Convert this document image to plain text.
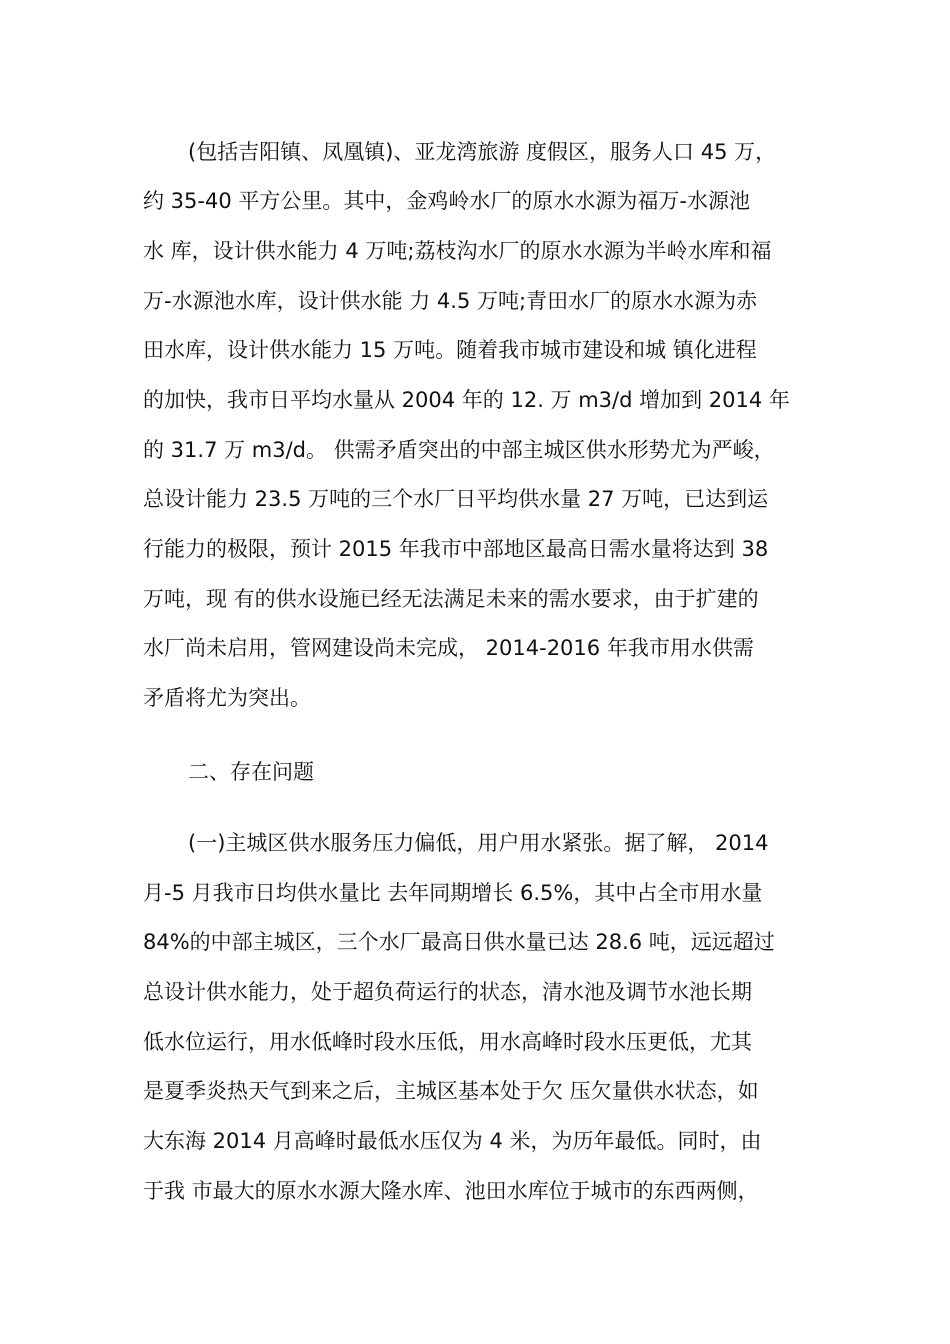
(包括吉阳镇、凤凰镇)、亚龙湾旅游 度假区，服务人口 45 万，
约 35-40 平方公里。其中，金鸡岭水厂的原水水源为福万-水源池
水 库，设计供水能力 4 万吨;荔枝沟水厂的原水水源为半岭水库和福
万-水源池水库，设计供水能 力 4.5 万吨;青田水厂的原水水源为赤
田水库，设计供水能力 15 万吨。随着我市城市建设和城 镇化进程
的加快，我市日平均水量从 2004 年的 12. 万 m3/d 增加到 2014 年
的 31.7 万 m3/d。 供需矛盾突出的中部主城区供水形势尤为严峻，
总设计能力 23.5 万吨的三个水厂日平均供水量 27 万吨，已达到运
行能力的极限，预计 2015 年我市中部地区最高日需水量将达到 38
万吨，现 有的供水设施已经无法满足未来的需水要求，由于扩建的
水厂尚未启用，管网建设尚未完成， 2014-2016 年我市用水供需
矛盾将尤为突出。
二、存在问题
(一)主城区供水服务压力偏低，用户用水紧张。据了解， 2014
月-5 月我市日均供水量比 去年同期增长 6.5%，其中占全市用水量
84%的中部主城区，三个水厂最高日供水量已达 28.6 吨，远远超过
总设计供水能力，处于超负荷运行的状态，清水池及调节水池长期
低水位运行，用水低峰时段水压低，用水高峰时段水压更低，尤其
是夏季炎热天气到来之后，主城区基本处于欠 压欠量供水状态，如
大东海 2014 月高峰时最低水压仅为 4 米，为历年最低。同时，由
于我 市最大的原水水源大隆水库、池田水库位于城市的东西两侧，
